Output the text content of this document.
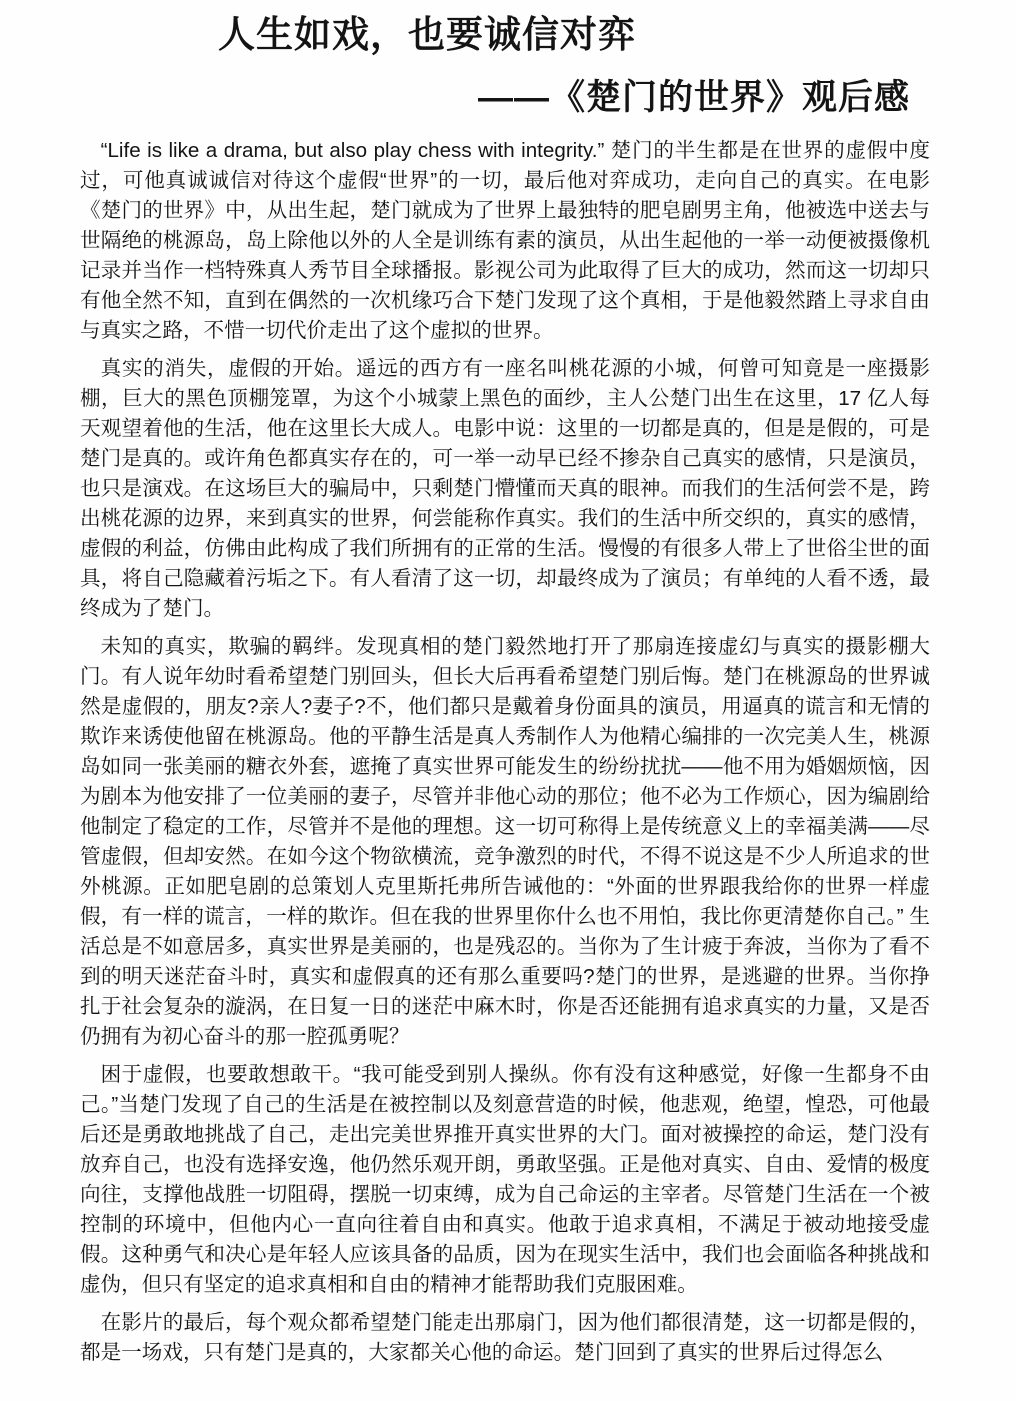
人生如戏，也要诚信对弈
——《楚门的世界》观后感

“Life is like a drama, but also play chess with integrity.” 楚门的半生都是在世界的虚假中度过，可他真诚诚信对待这个虚假“世界”的一切，最后他对弈成功，走向自己的真实。在电影《楚门的世界》中，从出生起，楚门就成为了世界上最独特的肥皂剧男主角，他被选中送去与世隔绝的桃源岛，岛上除他以外的人全是训练有素的演员，从出生起他的一举一动便被摄像机记录并当作一档特殊真人秀节目全球播报。影视公司为此取得了巨大的成功，然而这一切却只有他全然不知，直到在偶然的一次机缘巧合下楚门发现了这个真相，于是他毅然踏上寻求自由与真实之路，不惜一切代价走出了这个虚拟的世界。

真实的消失，虚假的开始。遥远的西方有一座名叫桃花源的小城，何曾可知竟是一座摄影棚，巨大的黑色顶棚笼罩，为这个小城蒙上黑色的面纱，主人公楚门出生在这里，17 亿人每天观望着他的生活，他在这里长大成人。电影中说：这里的一切都是真的，但是是假的，可是楚门是真的。或许角色都真实存在的，可一举一动早已经不掺杂自己真实的感情，只是演员，也只是演戏。在这场巨大的骗局中，只剩楚门懵懂而天真的眼神。而我们的生活何尝不是，跨出桃花源的边界，来到真实的世界，何尝能称作真实。我们的生活中所交织的，真实的感情，虚假的利益，仿佛由此构成了我们所拥有的正常的生活。慢慢的有很多人带上了世俗尘世的面具，将自己隐藏着污垢之下。有人看清了这一切，却最终成为了演员；有单纯的人看不透，最终成为了楚门。

未知的真实，欺骗的羁绊。发现真相的楚门毅然地打开了那扇连接虚幻与真实的摄影棚大门。有人说年幼时看希望楚门别回头，但长大后再看希望楚门别后悔。楚门在桃源岛的世界诚然是虚假的，朋友?亲人?妻子?不，他们都只是戴着身份面具的演员，用逼真的谎言和无情的欺诈来诱使他留在桃源岛。他的平静生活是真人秀制作人为他精心编排的一次完美人生，桃源岛如同一张美丽的糖衣外套，遮掩了真实世界可能发生的纷纷扰扰——他不用为婚姻烦恼，因为剧本为他安排了一位美丽的妻子，尽管并非他心动的那位；他不必为工作烦心，因为编剧给他制定了稳定的工作，尽管并不是他的理想。这一切可称得上是传统意义上的幸福美满——尽管虚假，但却安然。在如今这个物欲横流，竞争激烈的时代，不得不说这是不少人所追求的世外桃源。正如肥皂剧的总策划人克里斯托弗所告诫他的：“外面的世界跟我给你的世界一样虚假，有一样的谎言，一样的欺诈。但在我的世界里你什么也不用怕，我比你更清楚你自己。” 生活总是不如意居多，真实世界是美丽的，也是残忍的。当你为了生计疲于奔波，当你为了看不到的明天迷茫奋斗时，真实和虚假真的还有那么重要吗?楚门的世界，是逃避的世界。当你挣扎于社会复杂的漩涡，在日复一日的迷茫中麻木时，你是否还能拥有追求真实的力量，又是否仍拥有为初心奋斗的那一腔孤勇呢？

困于虚假，也要敢想敢干。“我可能受到别人操纵。你有没有这种感觉，好像一生都身不由己。”当楚门发现了自己的生活是在被控制以及刻意营造的时候，他悲观，绝望，惶恐，可他最后还是勇敢地挑战了自己，走出完美世界推开真实世界的大门。面对被操控的命运，楚门没有放弃自己，也没有选择安逸，他仍然乐观开朗，勇敢坚强。正是他对真实、自由、爱情的极度向往，支撑他战胜一切阻碍，摆脱一切束缚，成为自己命运的主宰者。尽管楚门生活在一个被控制的环境中，但他内心一直向往着自由和真实。他敢于追求真相，不满足于被动地接受虚假。这种勇气和决心是年轻人应该具备的品质，因为在现实生活中，我们也会面临各种挑战和虚伪，但只有坚定的追求真相和自由的精神才能帮助我们克服困难。

在影片的最后，每个观众都希望楚门能走出那扇门，因为他们都很清楚，这一切都是假的，都是一场戏，只有楚门是真的，大家都关心他的命运。楚门回到了真实的世界后过得怎么
